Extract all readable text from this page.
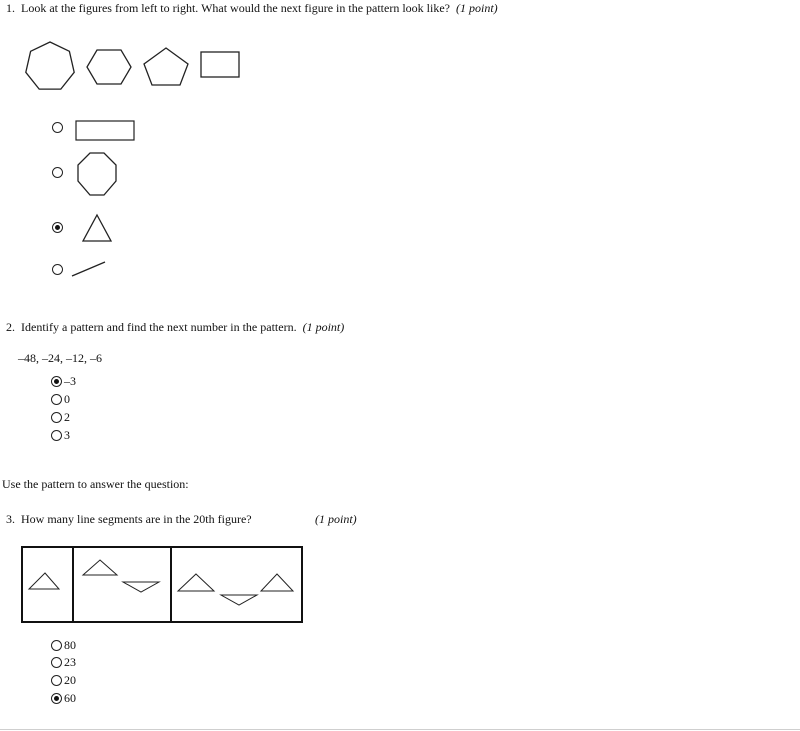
1. Look at the figures from left to right. What would the next figure in the pattern look like? (1 point)
2. Identify a pattern and find the next number in the pattern. (1 point)
–48, –24, –12, –6
–3
0
2
3
Use the pattern to answer the question:
3. How many line segments are in the 20th figure?	(1 point)
80
23
20
60
